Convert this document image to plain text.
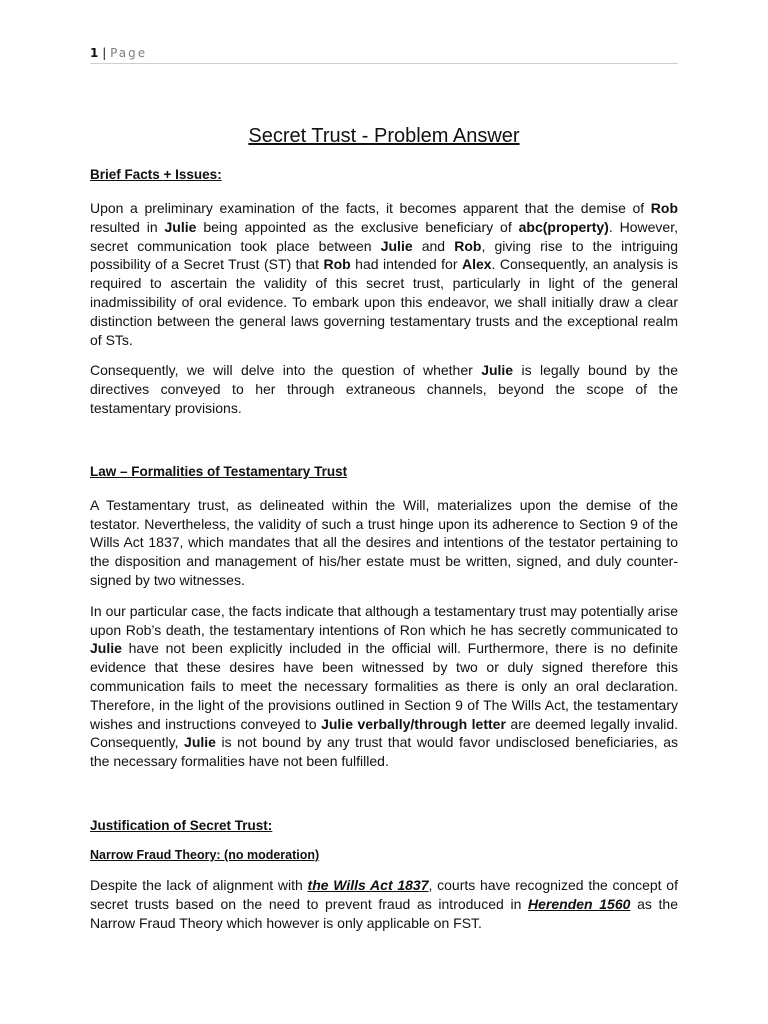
1 | Page
Secret Trust - Problem Answer
Brief Facts + Issues:

Upon a preliminary examination of the facts, it becomes apparent that the demise of Rob resulted in Julie being appointed as the exclusive beneficiary of abc(property). However, secret communication took place between Julie and Rob, giving rise to the intriguing possibility of a Secret Trust (ST) that Rob had intended for Alex. Consequently, an analysis is required to ascertain the validity of this secret trust, particularly in light of the general inadmissibility of oral evidence. To embark upon this endeavor, we shall initially draw a clear distinction between the general laws governing testamentary trusts and the exceptional realm of STs.

Consequently, we will delve into the question of whether Julie is legally bound by the directives conveyed to her through extraneous channels, beyond the scope of the testamentary provisions.

Law – Formalities of Testamentary Trust

A Testamentary trust, as delineated within the Will, materializes upon the demise of the testator. Nevertheless, the validity of such a trust hinge upon its adherence to Section 9 of the Wills Act 1837, which mandates that all the desires and intentions of the testator pertaining to the disposition and management of his/her estate must be written, signed, and duly counter-signed by two witnesses.

In our particular case, the facts indicate that although a testamentary trust may potentially arise upon Rob’s death, the testamentary intentions of Ron which he has secretly communicated to Julie have not been explicitly included in the official will. Furthermore, there is no definite evidence that these desires have been witnessed by two or duly signed therefore this communication fails to meet the necessary formalities as there is only an oral declaration. Therefore, in the light of the provisions outlined in Section 9 of The Wills Act, the testamentary wishes and instructions conveyed to Julie verbally/through letter are deemed legally invalid. Consequently, Julie is not bound by any trust that would favor undisclosed beneficiaries, as the necessary formalities have not been fulfilled.

Justification of Secret Trust:
Narrow Fraud Theory: (no moderation)

Despite the lack of alignment with the Wills Act 1837, courts have recognized the concept of secret trusts based on the need to prevent fraud as introduced in Herenden 1560 as the Narrow Fraud Theory which however is only applicable on FST.
